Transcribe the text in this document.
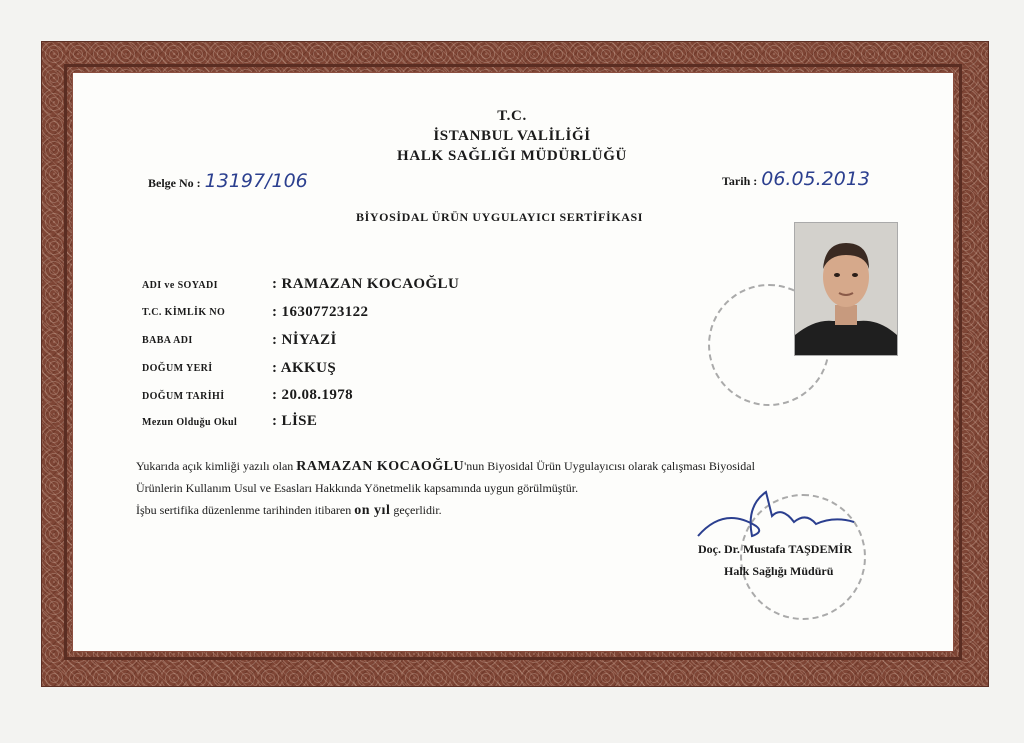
T.C.
İSTANBUL VALİLİĞİ
HALK SAĞLIĞI MÜDÜRLÜĞÜ
Belge No : 13197/106	Tarih : 06.05.2013
BİYOSİDAL ÜRÜN UYGULAYICI SERTİFİKASI
ADI ve SOYADI	: RAMAZAN KOCAOĞLU
T.C. KİMLİK NO	: 16307723122
BABA ADI	: NİYAZİ
DOĞUM YERİ	: AKKUŞ
DOĞUM TARİHİ	: 20.08.1978
Mezun Olduğu Okul : LİSE
Yukarıda açık kimliği yazılı olan RAMAZAN KOCAOĞLU'nun Biyosidal Ürün Uygulayıcısı olarak çalışması Biyosidal
Ürünlerin Kullanım Usul ve Esasları Hakkında Yönetmelik kapsamında uygun görülmüştür.
İşbu sertifika düzenlenme tarihinden itibaren on yıl geçerlidir.
Doç. Dr. Mustafa TAŞDEMİR
Halk Sağlığı Müdürü
